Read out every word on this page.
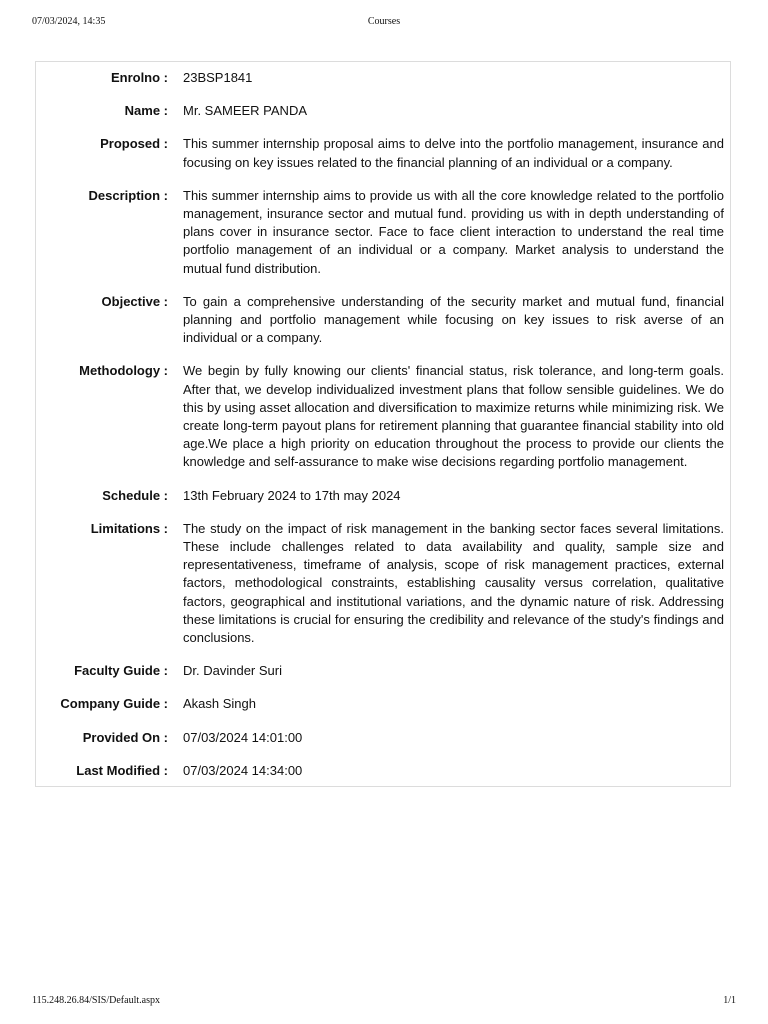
07/03/2024, 14:35	Courses
Enrolno : 23BSP1841
Name : Mr. SAMEER PANDA
Proposed : This summer internship proposal aims to delve into the portfolio management, insurance and focusing on key issues related to the financial planning of an individual or a company.
Description : This summer internship aims to provide us with all the core knowledge related to the portfolio management, insurance sector and mutual fund. providing us with in depth understanding of plans cover in insurance sector. Face to face client interaction to understand the real time portfolio management of an individual or a company. Market analysis to understand the mutual fund distribution.
Objective : To gain a comprehensive understanding of the security market and mutual fund, financial planning and portfolio management while focusing on key issues to risk averse of an individual or a company.
Methodology : We begin by fully knowing our clients' financial status, risk tolerance, and long-term goals. After that, we develop individualized investment plans that follow sensible guidelines. We do this by using asset allocation and diversification to maximize returns while minimizing risk. We create long-term payout plans for retirement planning that guarantee financial stability into old age.We place a high priority on education throughout the process to provide our clients the knowledge and self-assurance to make wise decisions regarding portfolio management.
Schedule : 13th February 2024 to 17th may 2024
Limitations : The study on the impact of risk management in the banking sector faces several limitations. These include challenges related to data availability and quality, sample size and representativeness, timeframe of analysis, scope of risk management practices, external factors, methodological constraints, establishing causality versus correlation, qualitative factors, geographical and institutional variations, and the dynamic nature of risk. Addressing these limitations is crucial for ensuring the credibility and relevance of the study's findings and conclusions.
Faculty Guide : Dr. Davinder Suri
Company Guide : Akash Singh
Provided On : 07/03/2024 14:01:00
Last Modified : 07/03/2024 14:34:00
115.248.26.84/SIS/Default.aspx	1/1
